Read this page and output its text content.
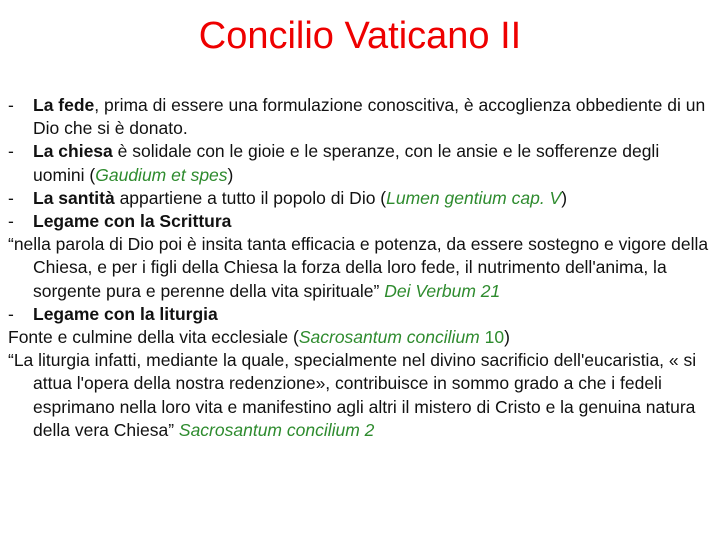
Concilio Vaticano II

- La fede, prima di essere una formulazione conoscitiva, è accoglienza obbediente di un Dio che si è donato.

- La chiesa è solidale con le gioie e le speranze, con le ansie e le sofferenze degli uomini (Gaudium et spes)

- La santità appartiene a tutto il popolo di Dio (Lumen gentium cap. V)

- Legame con la Scrittura

“nella parola di Dio poi è insita tanta efficacia e potenza, da essere sostegno e vigore della Chiesa, e per i figli della Chiesa la forza della loro fede, il nutrimento dell'anima, la sorgente pura e perenne della vita spirituale” Dei Verbum 21

- Legame con la liturgia

Fonte e culmine della vita ecclesiale (Sacrosantum concilium 10)

“La liturgia infatti, mediante la quale, specialmente nel divino sacrificio dell'eucaristia, « si attua l'opera della nostra redenzione», contribuisce in sommo grado a che i fedeli esprimano nella loro vita e manifestino agli altri il mistero di Cristo e la genuina natura della vera Chiesa” Sacrosantum concilium 2
